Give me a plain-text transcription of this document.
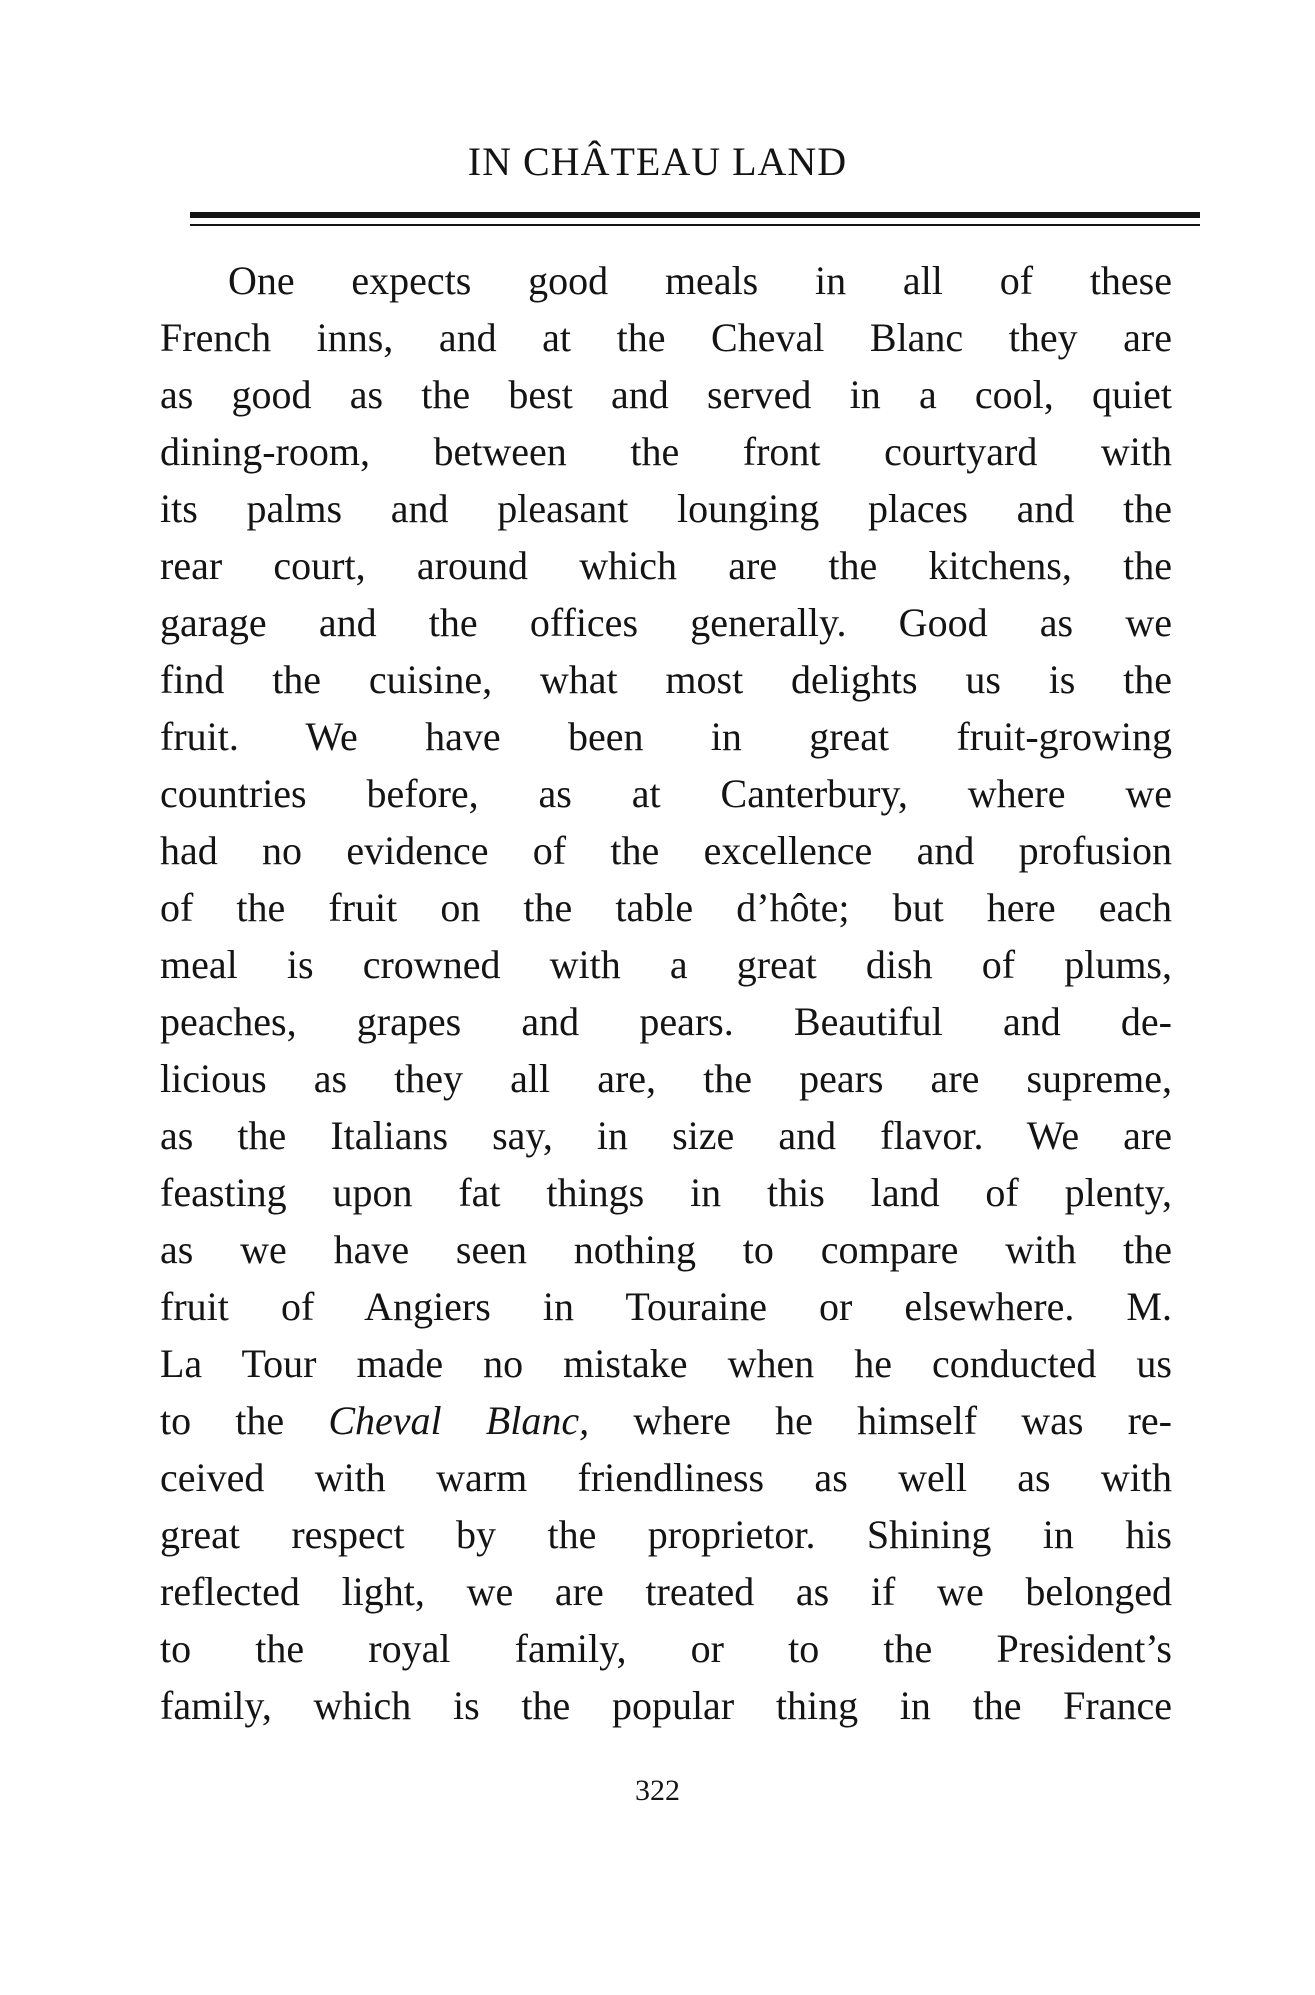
IN CHÂTEAU LAND
One expects good meals in all of these
French inns, and at the Cheval Blanc they are
as good as the best and served in a cool, quiet
dining-room, between the front courtyard with
its palms and pleasant lounging places and the
rear court, around which are the kitchens, the
garage and the offices generally. Good as we
find the cuisine, what most delights us is the
fruit. We have been in great fruit-growing
countries before, as at Canterbury, where we
had no evidence of the excellence and profusion
of the fruit on the table d’hôte; but here each
meal is crowned with a great dish of plums,
peaches, grapes and pears. Beautiful and de-
licious as they all are, the pears are supreme,
as the Italians say, in size and flavor. We are
feasting upon fat things in this land of plenty,
as we have seen nothing to compare with the
fruit of Angiers in Touraine or elsewhere. M.
La Tour made no mistake when he conducted us
to the Cheval Blanc, where he himself was re-
ceived with warm friendliness as well as with
great respect by the proprietor. Shining in his
reflected light, we are treated as if we belonged
to the royal family, or to the President’s
family, which is the popular thing in the France
322
